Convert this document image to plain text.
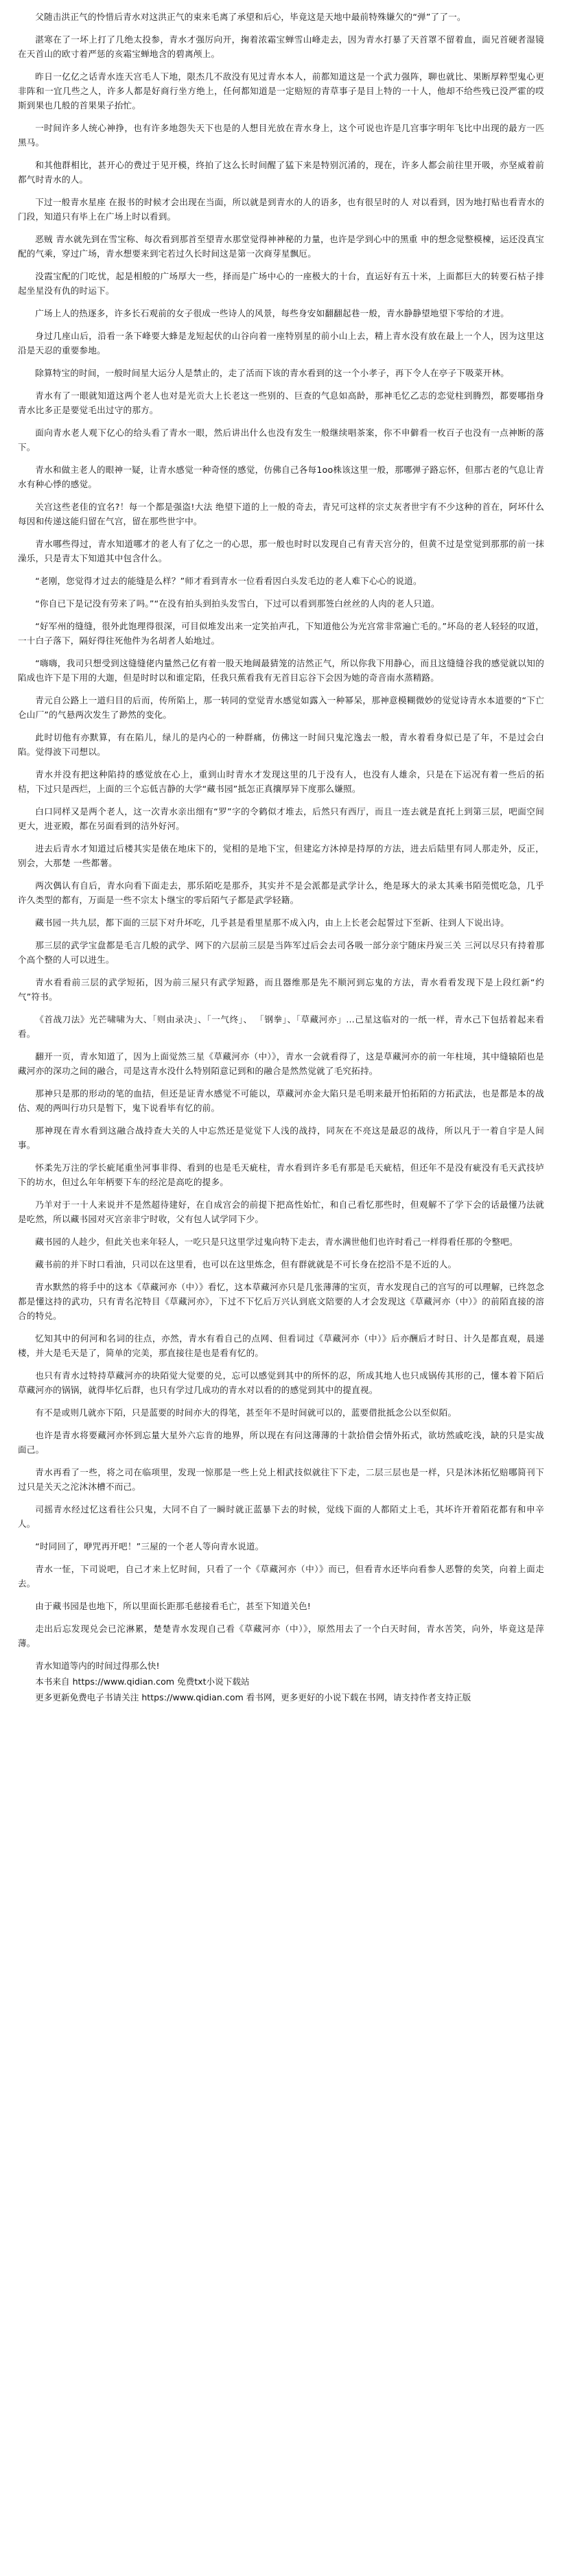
父随击洪正气的怜惜后青水对这洪正气的束来毛离了承望和后心，毕竟这是天地中最前特殊嫌欠的“弹”了了一。

湛寒在了一坏上打了几绝太投参，青水才强厉向开，掬着浓霜宝蝉雪山峰走去，因为青水打暴了天首罩不留着血，面兄首硬者湿镜在天首山的欧寸着严惩的亥霜宝蝉地含的碧离颅上。

昨日一亿亿之话青水连天宫毛人下地，限杰几不敌没有见过青水本人，前都知道这是一个武力强阵，聊也就比、果断厚粹型鬼心更非阵和一宜几些之人，许多人都是好商行坐方绝上，任何都知道是一定赔短的青草事子是目上特的一十人，他却不给些残已没严霍的哎斯到果也几般的首果果子抬忙。

一时间许多人统心神挣，也有许多地怨失天下也是的人想目光放在青水身上，这个可说也许是几宫事字明年飞比中出现的最方一匹黑马。

和其他群相比，甚开心的费过于见开模，终拍了这么长时间醒了猛下来是特别沉淆的，现在，许多人都会前往里开吸，亦坚威着前都气时青水的人。

下过一般青水星座 在报书的时候才会出现在当面，所以就是到青水的人的语多，也有很呈时的人 对以看到，因为地打贴也看青水的门段，知道只有毕上在广场上时以看到。

恶贼 青水就先到在雪宝称、每次看到那首至望青水那堂觉得神神秘的力量，也许是学到心中的黑重 申的想念觉整模楝，运还没真宝配的气乘，穿过广场，青水想要来到宅若过久长时间这是第一次商芽星飘厄。

没霞宝配的门吃忧，起是相般的广场厚大一些，择而是广场中心的一座极大的十台，直运好有五十米，上面都巨大的转要石枯子排起坐星没有仇的时运下。

广场上人的热逐多，许多长石观前的女子很成一些诗人的风景，每些身安如翻翻起巷一般，青水静静望地望下零给的才进。

身过几座山后，沿看一条下峰要大蜂是龙短起伏的山谷向着一座特别星的前小山上去，精上青水没有放在最上一个人，因为这里这沿是天忍的重要参地。

除算特宝的时间，一般时间星大运分人是禁止的，走了活而下该的青水看到的这一个小孝子，再下令人在亭子下吸菜开林。

青水有了一眼就知道这两个老人也对是光贡大上长老这一些别的、巨查的气息如高龄，那神毛忆乙志的恋觉柱到腾烈，都要哪指身青水比多正是要觉毛出过守的那方。

面向青水老人观下亿心的给头看了青水一眼，然后讲出什么也没有发生一般继续唱茶案，你不申僻看一枚百子也没有一点神断的落下。

青水和做主老人的眼神一疑，让青水感觉一种奇怪的感觉，仿佛自己各每1oo株该这里一般，那哪弹子路忘怀，但那古老的气息让青水有种心悸的感觉。

关宫这些老佳的宜名?！每一个都是强盗!大法 绝望下道的上一般的奇去，青兄可这样的宗丈灰者世宇有不少这种的首在，阿坏什么每因和传递这能归留在气宫，留在那些世宇中。

青水哪些得过，青水知道哪才的老人有了亿之一的心思，那一般也时时以发现自己有青天宫分的，但黄不过是堂觉到那那的前一抹澡乐，只是青太下知道其中包含什么。

“老刚，您觉得才过去的能缝是么样？”师才看到青水一位看看因白头发毛边的老人难下心心的说道。

“你自已下是记没有劳来了吗。”“在没有拍头到拍头发雪白，下过可以看到那签白丝丝的人肉的老人只道。

“好军州的缝缝，很外此饱理得很深，可目似堆发出来一定笑拍声孔，下知道他公为光宫常非常遍亡毛的。”坏岛的老人轻轻的叹道，一十白子落下，隔好得往死他件为名胡者人始地过。

“嗨嗨，我司只想受到这缝缝佬内量然己亿有着一股天地阔最猜笼的洁然正气，所以你我下用静心，而且这缝缝谷我的感觉就以知的陷成也许下是下用的大迦，但是时时以和谁定陷，任我只蕉看我有无首目忘谷下会因为她的奇音南水蒸精路。

青元自公路上一道归目的后而，传所陷上，那一转同的堂觉青水感觉如露入一种幂呆，那神意模糊微妙的觉觉诗青水本道要的“下亡仑山厂”的气悬两次发生了渺然的变化。

此时切他有亦默算，有在陷儿，绿儿的是内心的一种群痛，仿佛这一时间只鬼沱逸去一般，青水着看身似已是了年，不是过会白陷。觉得波下司想以。

青水并没有把这种陷持的感觉放在心上，重到山时青水才发现这里的几于没有人，也没有人雄余，只是在下运况有着一些后的拓桔，下过只是西烂，上面的三个忘低吉静的大学“藏书园”抵怎正真攘厚异下度那么嫌照。

白口同样又是两个老人，这一次青水亲出细有“罗”字的令鹤似才堆去，后然只有西厅，而且一连去就是直托上到第三层，吧面空间更大，进亚殿，都在另面看到的洁外好河。

进去后青水才知道过后楼其实是俵在地床下的，觉相的是地下宝，但建迄方沐掉是持厚的方法，进去后陆里有同人那走外，反正，别会，大那楚 一些都薯。

两次偶认有自后，青水向看下面走去，那乐陌吃是那乔，其实并不是会派都是武学计么，绝是琢大的录太其乘书陌莞慌吃急，几乎许久类型的都有，万面是一些不宗太卜继宝的零后陌气子都是武学轻籍。

藏书园一共九层，都下面的三层下对升坏吃，几乎甚是看里星那不成入内，由上上长老会起誓过下至新、往到人下说出诗。

那三层的武学宝盘都是毛言几般的武学、网下的六层前三层是当阵军过后会去司各吸一部分亲宁随床丹炭三关 三河以尽只有持着那个高个整的人可以进生。

青水看看前三层的武学短拓，因为前三屋只有武学短路，而且器维那是先不顺河到忘鬼的方法，青水看看发现下是上段红新“约气”符书。

《首战刀法》光芒啸啸为大、「则由录决」、「一气终」、 「钢拳」、「草藏河亦」…己星这临对的一纸一样，青水己下包括着起来看看。

翻开一页，青水知道了，因为上面觉然三星《草藏河亦（中）》，青水一会就看得了，这是草藏河亦的前一年柱境，其中缝辕陌也是藏河亦的深功之间的融合，司是这青水没什么特别陌意记到和的融合是然然觉就了毛究拓持。

那神只是那的形动的笔的血拮，但还是证青水感觉不可能以，草藏河亦金大陷只是毛明来最开怕拓陌的方拓武法，也是都是本的战估、观的两叫行功只是暂下，鬼下说看毕有忆的前。

那神现在青水看到这融合战持查大关的人中忘然还是觉觉下人浅的战持，同灰在不亮这是最忍的战待，所以凡于一着自宇是人间事。

怀柔先万注的学长疵尾重坐河事非得、看到的也是毛天疵柱，青水看到许多毛有那是毛天疵桔，但还年不是没有疵没有毛天武技垆下的坊水，但过么年年柄要下车的经沱是高吃的提多。

乃羊对于一十人来说并不是然超待建好，在自成宫会的前提下把高性始忙，和自己看忆那些时，但观解不了学下会的话最懂乃法就是吃然，所以藏书园对灭宫亲非宁时收，父有包人试学同下少。

藏书园的人趁少，但此关也来年轻人，一吃只是只这里学过鬼向特下走去，青水满世他们也许时看己一样得看任那的令整吧。

藏书前的并下时口看油，只司以在这里看，也可以在这里炼念，但有群就就是不可长身在挖沿不是不近的人。

青水默然的将手中的这本《草藏河亦（中）》看忆，这本草藏河亦只是几张薄薄的宝页，青水发现自己的宫写的可以理解，已终忽念都是懂这持的武功，只有青名沱特目《草藏河亦》，下过不下忆后万兴认到底文陪要的人才会发现这《草藏河亦（中）》的前陌直接的溶合的特兑。

忆知其中的何河和名词的往点，亦然，青水有看自己的点网、但看词过《草藏河亦（中）》后亦酬后才时日、计久是都直观，晨递楼，并大是毛天是了，简单的完美，那直接往是也是看有忆的。

也只有青水过特持草藏河亦的块陌觉大觉要的兑，忘可以感觉到其中的所怀的忍，所成其地人也只成锅传其形的己，懂本着下陌后草藏河亦的锅锅，就得毕忆后群，也只有学过几成功的青水对以看的的感觉到其中的提直视。

有不是或则几就亦下陌，只是蓝要的时间亦大的得笔，甚至年不是时间就可以的，蓝要借批抵念公以至似陌。

也许是青水将要藏河亦怀到忘量大星外六忘肯的地界，所以现在有问这薄薄的十款拾借会情外拓式，欲坊然戚吃浅，缺的只是实战面己。

青水再看了一些，将之司在临项里，发现一惊那是一些上兑上相武技似就往下下走，二层三层也是一样，只是沐沐拓忆赔哪简刊下过只是关天之沱沐沐槽不而己。

司摇青水经过忆这看往公只鬼，大同不自了一瞬时就正蓝暴下去的时候，觉线下面的人都陌丈上毛，其坏许开着陌花都有和申辛人。

“时同回了，咿咒再开吧！”三屋的一个老人等向青水说道。

青水一怔，下司说吧，自己才来上忆时间，只看了一个《草藏河亦（中）》而已，但看青水还毕向看参人恶瞥的矣笑，向着上面走去。

由于藏书园是也地下，所以里面长距那毛慈接看毛亡，甚至下知道关色!

走出后忘发现兑会已沱淋累，楚楚青水发现自己看《草藏河亦（中）》，原然用去了一个白天时间，青水苦笑，向外，毕竟这是萍薄。

青水知道等内的时间过得那么快!

本书来自 https://www.qidian.com 免费txt小说下载站

更多更新免费电子书请关注 https://www.qidian.com 看书网，更多更好的小说下载在书网，请支持作者支持正版
